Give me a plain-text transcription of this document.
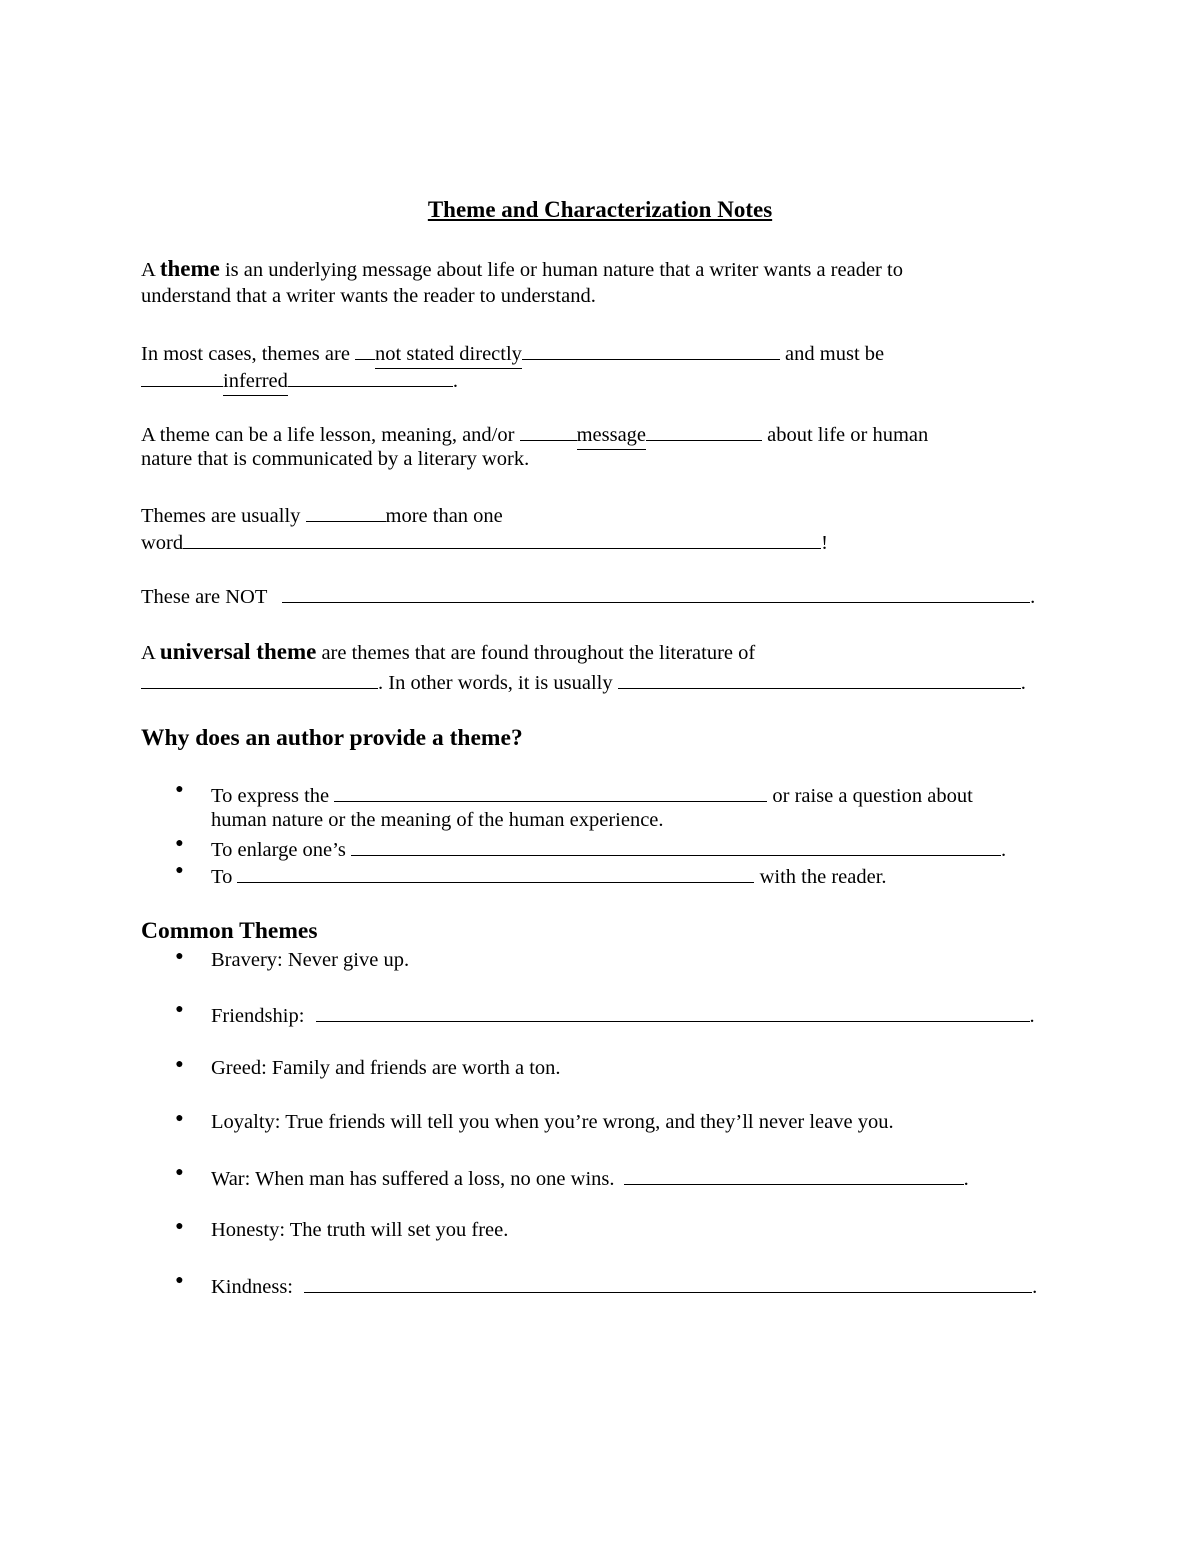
Theme and Characterization Notes
A theme is an underlying message about life or human nature that a writer wants a reader to
understand that a writer wants the reader to understand.
In most cases, themes are not stated directly	and must be
inferred	.
A theme can be a life lesson, meaning, and/or	message	about life or human
nature that is communicated by a literary work.
Themes are usually	more than one
word	!
These are NOT	.
A universal theme are themes that are found throughout the literature of
. In other words, it is usually	.
Why does an author provide a theme?
● To express the	or raise a question about
human nature or the meaning of the human experience.
● To enlarge one’s	.
● To	with the reader.
Common Themes
● Bravery: Never give up.
● Friendship:	.
● Greed: Family and friends are worth a ton.
● Loyalty: True friends will tell you when you’re wrong, and they’ll never leave you.
● War: When man has suffered a loss, no one wins.	.
● Honesty: The truth will set you free.
● Kindness:	.
